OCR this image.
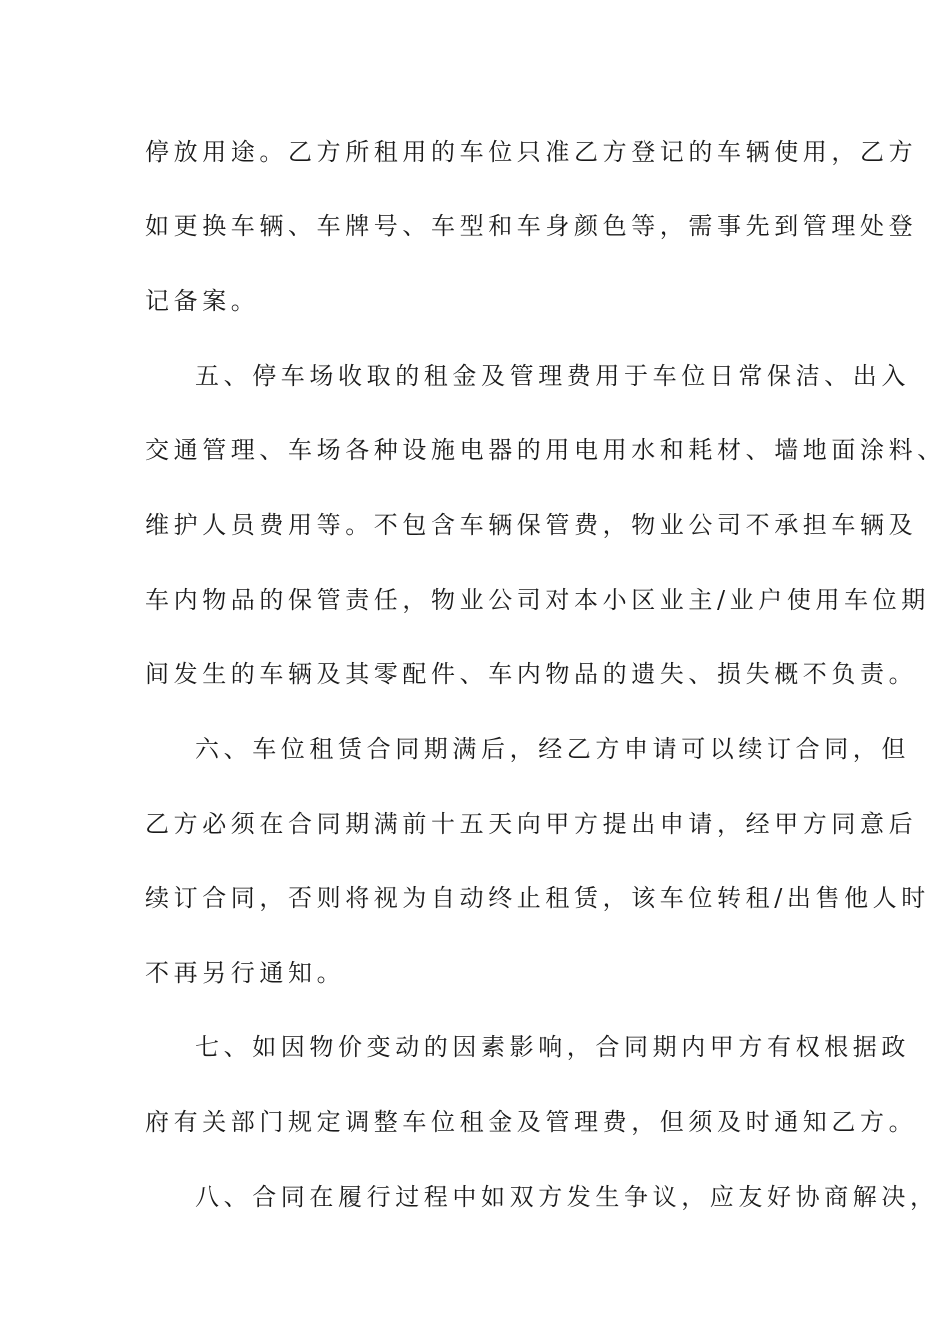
停放用途。乙方所租用的车位只准乙方登记的车辆使用，乙方
如更换车辆、车牌号、车型和车身颜色等，需事先到管理处登
记备案。
五、停车场收取的租金及管理费用于车位日常保洁、出入
交通管理、车场各种设施电器的用电用水和耗材、墙地面涂料、
维护人员费用等。不包含车辆保管费，物业公司不承担车辆及
车内物品的保管责任，物业公司对本小区业主/业户使用车位期
间发生的车辆及其零配件、车内物品的遗失、损失概不负责。
六、车位租赁合同期满后，经乙方申请可以续订合同，但
乙方必须在合同期满前十五天向甲方提出申请，经甲方同意后
续订合同，否则将视为自动终止租赁，该车位转租/出售他人时
不再另行通知。
七、如因物价变动的因素影响，合同期内甲方有权根据政
府有关部门规定调整车位租金及管理费，但须及时通知乙方。
八、合同在履行过程中如双方发生争议，应友好协商解决，
